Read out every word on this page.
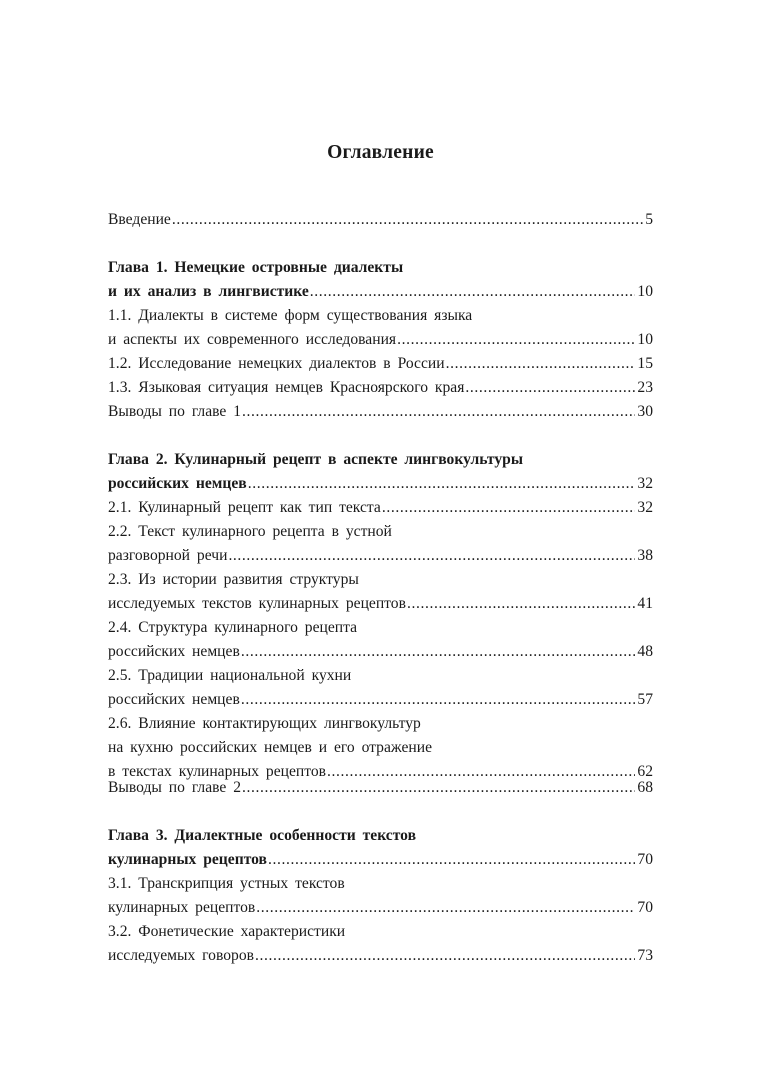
Оглавление
Введение .....	5
Глава 1. Немецкие островные диалекты
и их анализ в лингвистике .....	10
1.1. Диалекты в системе форм существования языка
и аспекты их современного исследования .....	10
1.2. Исследование немецких диалектов в России .....	15
1.3. Языковая ситуация немцев Красноярского края .....	23
Выводы по главе 1 .....	30
Глава 2. Кулинарный рецепт в аспекте лингвокультуры
российских немцев .....	32
2.1. Кулинарный рецепт как тип текста .....	32
2.2. Текст кулинарного рецепта в устной
разговорной речи .....	38
2.3. Из истории развития структуры
исследуемых текстов кулинарных рецептов .....	41
2.4. Структура кулинарного рецепта
российских немцев .....	48
2.5. Традиции национальной кухни
российских немцев .....	57
2.6. Влияние контактирующих лингвокультур
на кухню российских немцев и его отражение
в текстах кулинарных рецептов .....	62
Выводы по главе 2 .....	68
Глава 3. Диалектные особенности текстов
кулинарных рецептов .....	70
3.1. Транскрипция устных текстов
кулинарных рецептов .....	70
3.2. Фонетические характеристики
исследуемых говоров .....	73
